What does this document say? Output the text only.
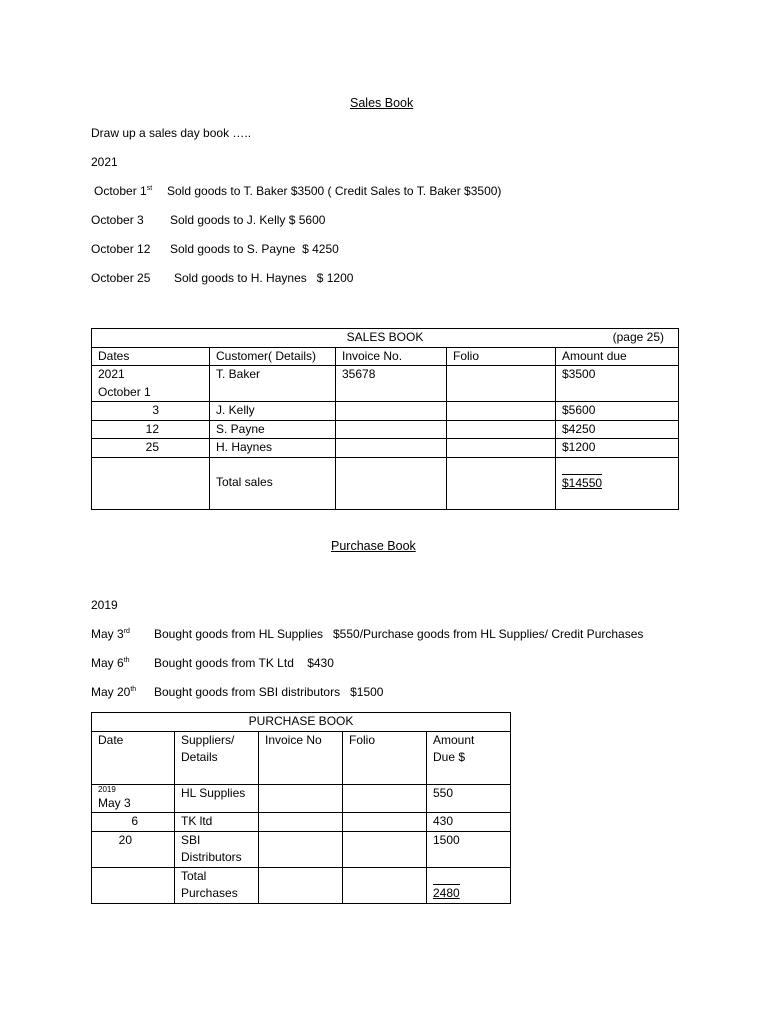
Sales Book
Draw up a sales day book …..
2021
October 1st Sold goods to T. Baker $3500 ( Credit Sales to T. Baker $3500)
October 3 Sold goods to J. Kelly $ 5600
October 12 Sold goods to S. Payne  $ 4250
October 25 Sold goods to H. Haynes   $ 1200
SALES BOOK (page 25)				

Dates	Customer( Details)	Invoice No.	Folio	Amount due

2021
October 1	T. Baker	35678		$3500
3	J. Kelly			$5600
12	S. Payne			$4250
25	H. Haynes			$1200
	Total sales			$14550
Purchase Book
2019
May 3rd Bought goods from HL Supplies   $550/Purchase goods from HL Supplies/ Credit Purchases
May 6th Bought goods from TK Ltd    $430
May 20th Bought goods from SBI distributors   $1500
PURCHASE BOOK				
Date	Suppliers/ Details	Invoice No	Folio	Amount Due $

2019
May 3	HL Supplies			550
6	TK ltd			430
20	SBI Distributors			1500
	Total Purchases			2480
